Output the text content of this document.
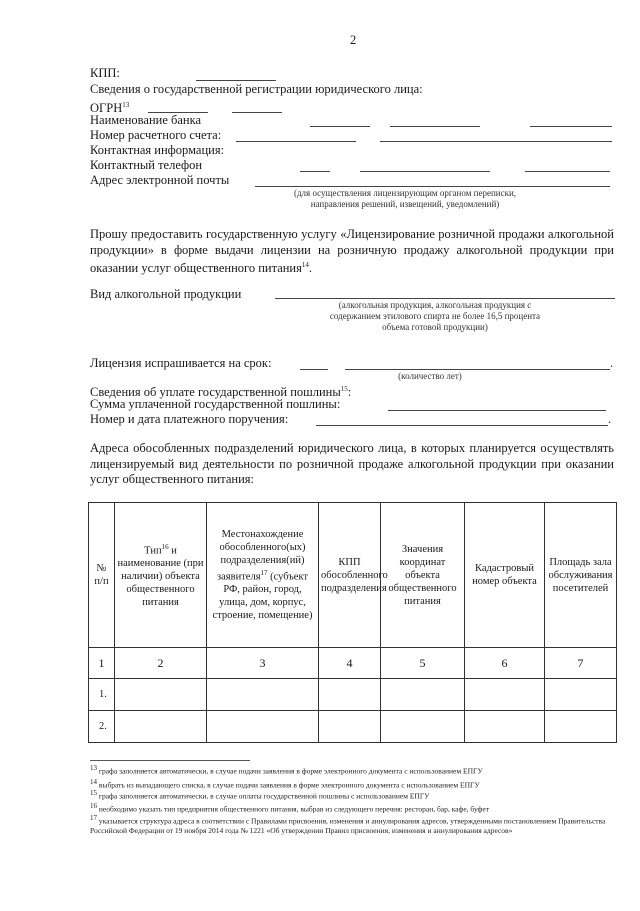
2
КПП:
Сведения о государственной регистрации юридического лица:
ОГРН$^{13}$
Наименование банка
Номер расчетного счета:
Контактная информация:
Контактный телефон
Адрес электронной почты
(для осуществления лицензирующим органом переписки,
направления решений, извещений, уведомлений)
Прошу предоставить государственную услугу «Лицензирование розничной продажи алкогольной продукции» в форме выдачи лицензии на розничную продажу алкогольной продукции при оказании услуг общественного питания$^{14}$.
Вид алкогольной продукции
(алкогольная продукция, алкогольная продукция с
содержанием этилового спирта не более 16,5 процента
объема готовой продукции)
Лицензия испрашивается на срок:	.
(количество лет)
Сведения об уплате государственной пошлины$^{15}$:
Сумма уплаченной государственной пошлины:
Номер и дата платежного поручения:	.
Адреса обособленных подразделений юридического лица, в которых планируется осуществлять лицензируемый вид деятельности по розничной продаже алкогольной продукции при оказании услуг общественного питания:
№ п/п	Тип$^{16}$ и наименование (при наличии) объекта общественного питания	Местонахождение обособленного(ых) подразделения(ий) заявителя$^{17}$ (субъект РФ, район, город, улица, дом, корпус, строение, помещение)	КПП обособленного подразделения	Значения координат объекта общественного питания	Кадастровый номер объекта	Площадь зала обслуживания посетителей
1	2	3	4	5	6	7
1.						
2.						
$^{13}$ графа заполняется автоматически, в случае подачи заявления в форме электронного документа с использованием ЕПГУ
$^{14}$ выбрать из выпадающего списка, в случае подачи заявления в форме электронного документа с использованием ЕПГУ
$^{15}$ графа заполняется автоматически, в случае оплаты государственной пошлины с использованием ЕПГУ
$^{16}$ необходимо указать тип предприятия общественного питания, выбрав из следующего перечня: ресторан, бар, кафе, буфет
$^{17}$ указывается структура адреса в соответствии с Правилами присвоения, изменения и аннулирования адресов, утвержденными постановлением Правительства Российской Федерации от 19 ноября 2014 года № 1221 «Об утверждении Правил присвоения, изменения и аннулирования адресов»
